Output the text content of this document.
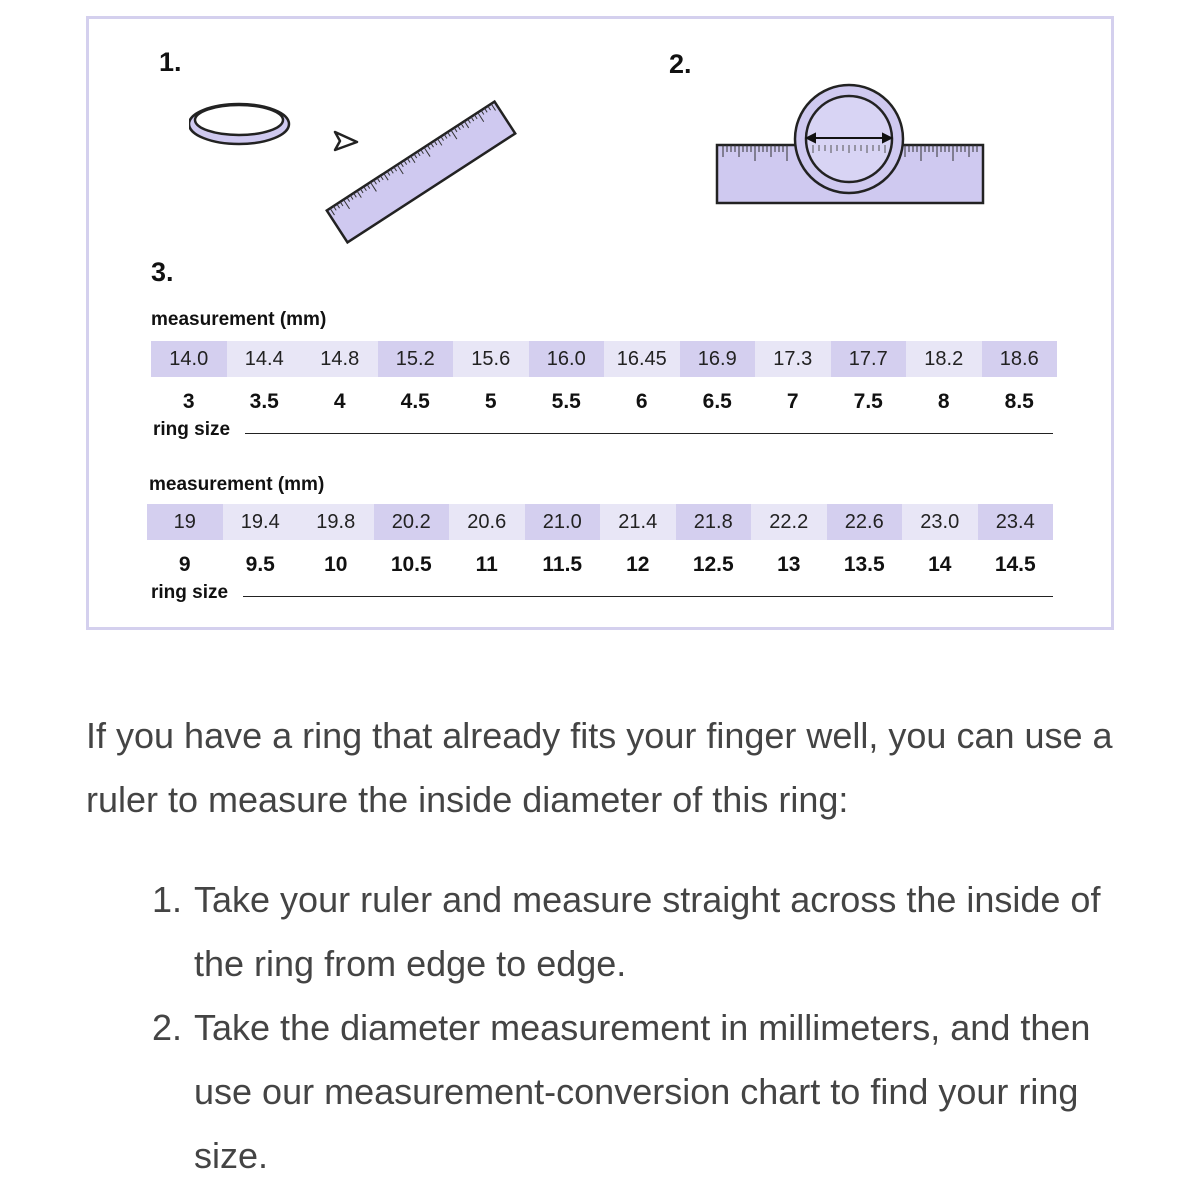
1.	2.
3.
measurement (mm)
14.0	14.4	14.8	15.2	15.6	16.0	16.45	16.9	17.3	17.7	18.2	18.6
3	3.5	4	4.5	5	5.5	6	6.5	7	7.5	8	8.5
ring size
measurement (mm)
19	19.4	19.8	20.2	20.6	21.0	21.4	21.8	22.2	22.6	23.0	23.4
9	9.5	10	10.5	11	11.5	12	12.5	13	13.5	14	14.5
ring size

If you have a ring that already fits your finger well, you can use a ruler to measure the inside diameter of this ring:

1. Take your ruler and measure straight across the inside of the ring from edge to edge.
2. Take the diameter measurement in millimeters, and then use our measurement-conversion chart to find your ring size.
